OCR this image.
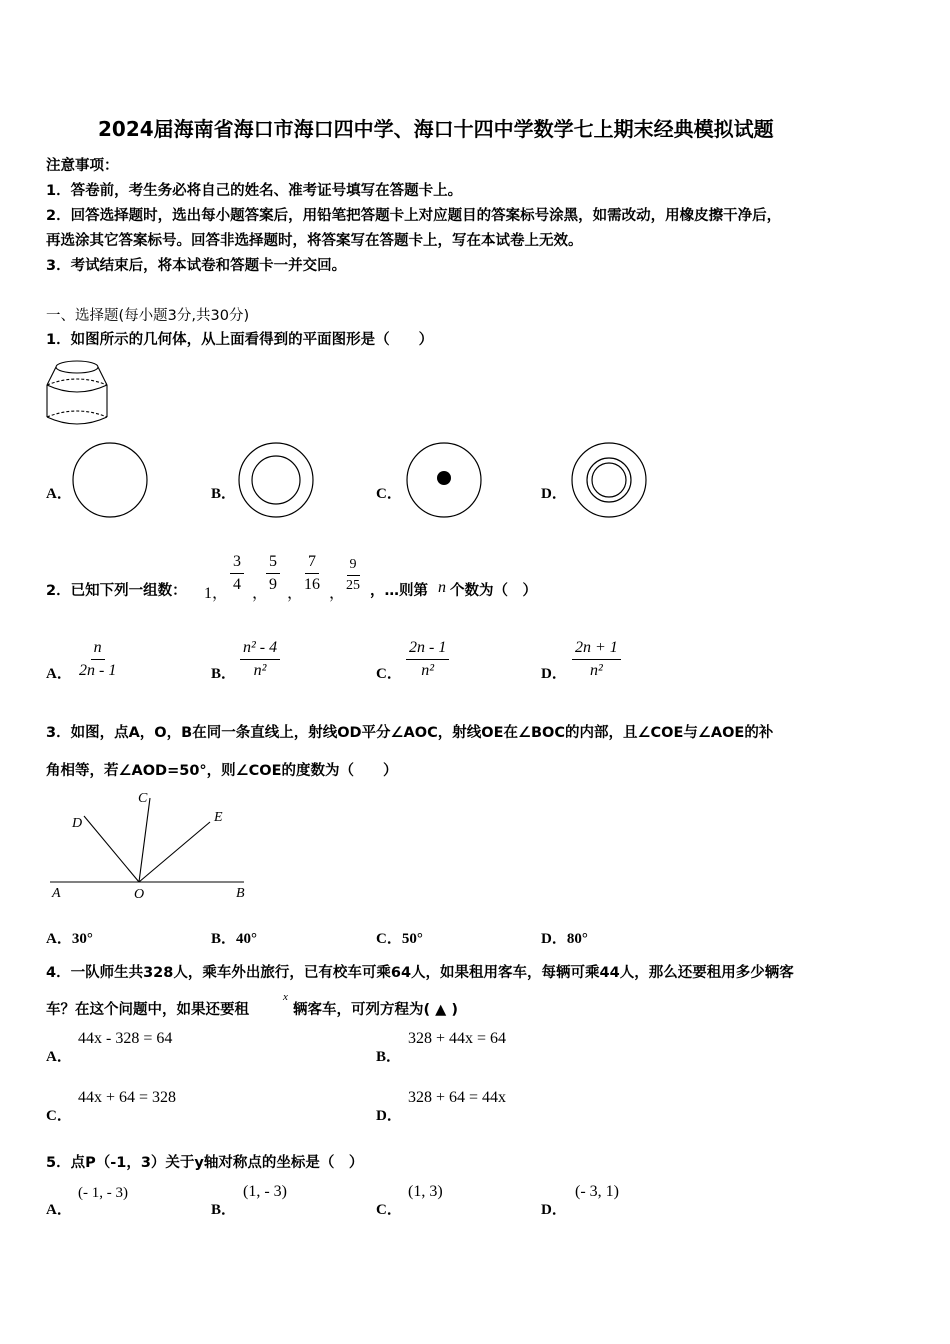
2024届海南省海口市海口四中学、海口十四中学数学七上期末经典模拟试题
注意事项：
1．答卷前，考生务必将自己的姓名、准考证号填写在答题卡上。
2．回答选择题时，选出每小题答案后，用铅笔把答题卡上对应题目的答案标号涂黑，如需改动，用橡皮擦干净后，
再选涂其它答案标号。回答非选择题时，将答案写在答题卡上，写在本试卷上无效。
3．考试结束后，将本试卷和答题卡一并交回。
一、选择题(每小题3分,共30分)
1．如图所示的几何体，从上面看得到的平面图形是（　　）
A．	B．	C．	D．
2．已知下列一组数： 1，
$\frac{3}{4}$
，
$\frac{5}{9}$
，
$\frac{7}{16}$
，
$\frac{9}{25}$ ，…则第 n 个数为（　）
A． $\frac{n}{2n - 1}$	B． $\frac{\text{n² - 4}}{\text{n²}}$	C． $\frac{2n - 1}{\text{n²}}$	D． $\frac{2n + 1}{\text{n²}}$
3．如图，点A，O，B在同一条直线上，射线OD平分∠AOC，射线OE在∠BOC的内部，且∠COE与∠AOE的补
角相等，若∠AOD=50°，则∠COE的度数为（　　）
A	O	B
C
D	E
A．30°	B．40°	C．50°	D．80°
4．一队师生共328人，乘车外出旅行，已有校车可乘64人，如果租用客车，每辆可乘44人，那么还要租用多少辆客
车？在这个问题中，如果还要租
x
辆客车，可列方程为( ▲ )
A．
44x - 328 = 64
B．
328 + 44x = 64
C．
44x + 64 = 328
D．
328 + 64 = 44x
5．点P（-1，3）关于y轴对称点的坐标是（　）
A．
(- 1, - 3)
B．
(1, - 3)
C．
(1, 3)
D．
(- 3, 1)
